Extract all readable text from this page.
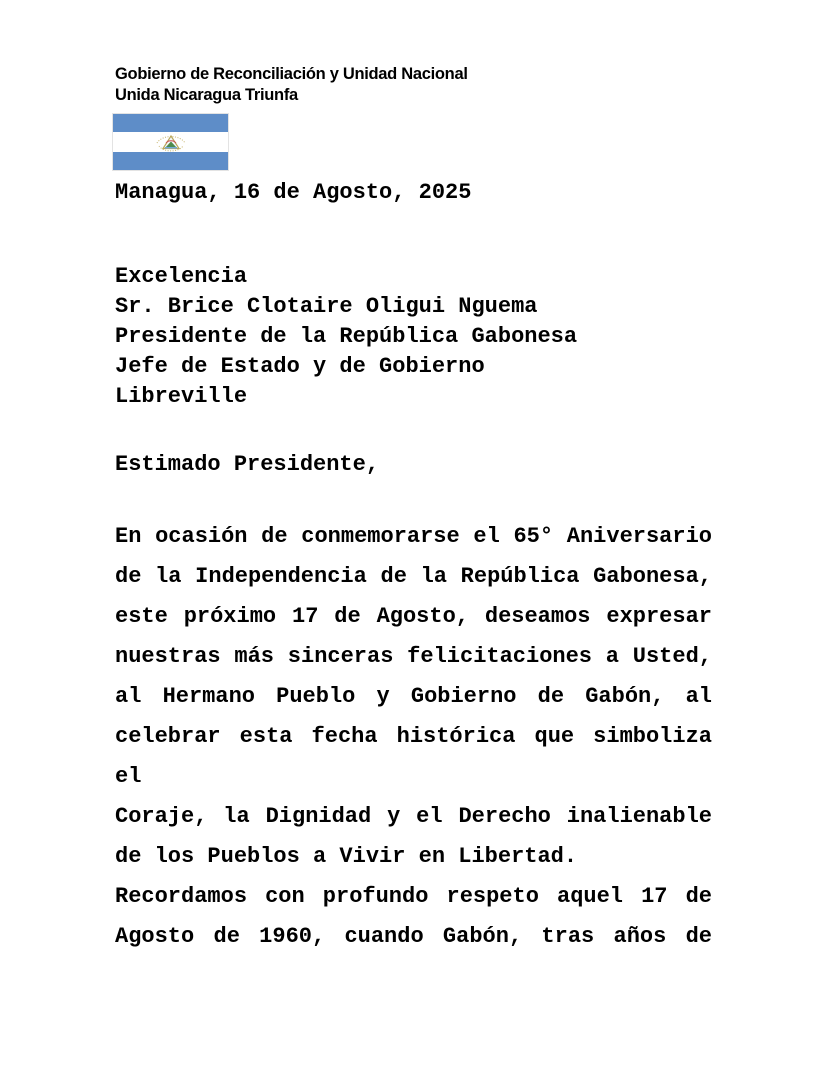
Gobierno de Reconciliación y Unidad Nacional
Unida Nicaragua Triunfa
Managua, 16 de Agosto, 2025
Excelencia
Sr. Brice Clotaire Oligui Nguema
Presidente de la República Gabonesa
Jefe de Estado y de Gobierno
Libreville
Estimado Presidente,
En ocasión de conmemorarse el 65° Aniversario
de la Independencia de la República Gabonesa,
este próximo 17 de Agosto, deseamos expresar
nuestras más sinceras felicitaciones a Usted,
al Hermano Pueblo y Gobierno de Gabón, al
celebrar esta fecha histórica que simboliza el
Coraje, la Dignidad y el Derecho inalienable
de los Pueblos a Vivir en Libertad.
Recordamos con profundo respeto aquel 17 de
Agosto de 1960, cuando Gabón, tras años de
